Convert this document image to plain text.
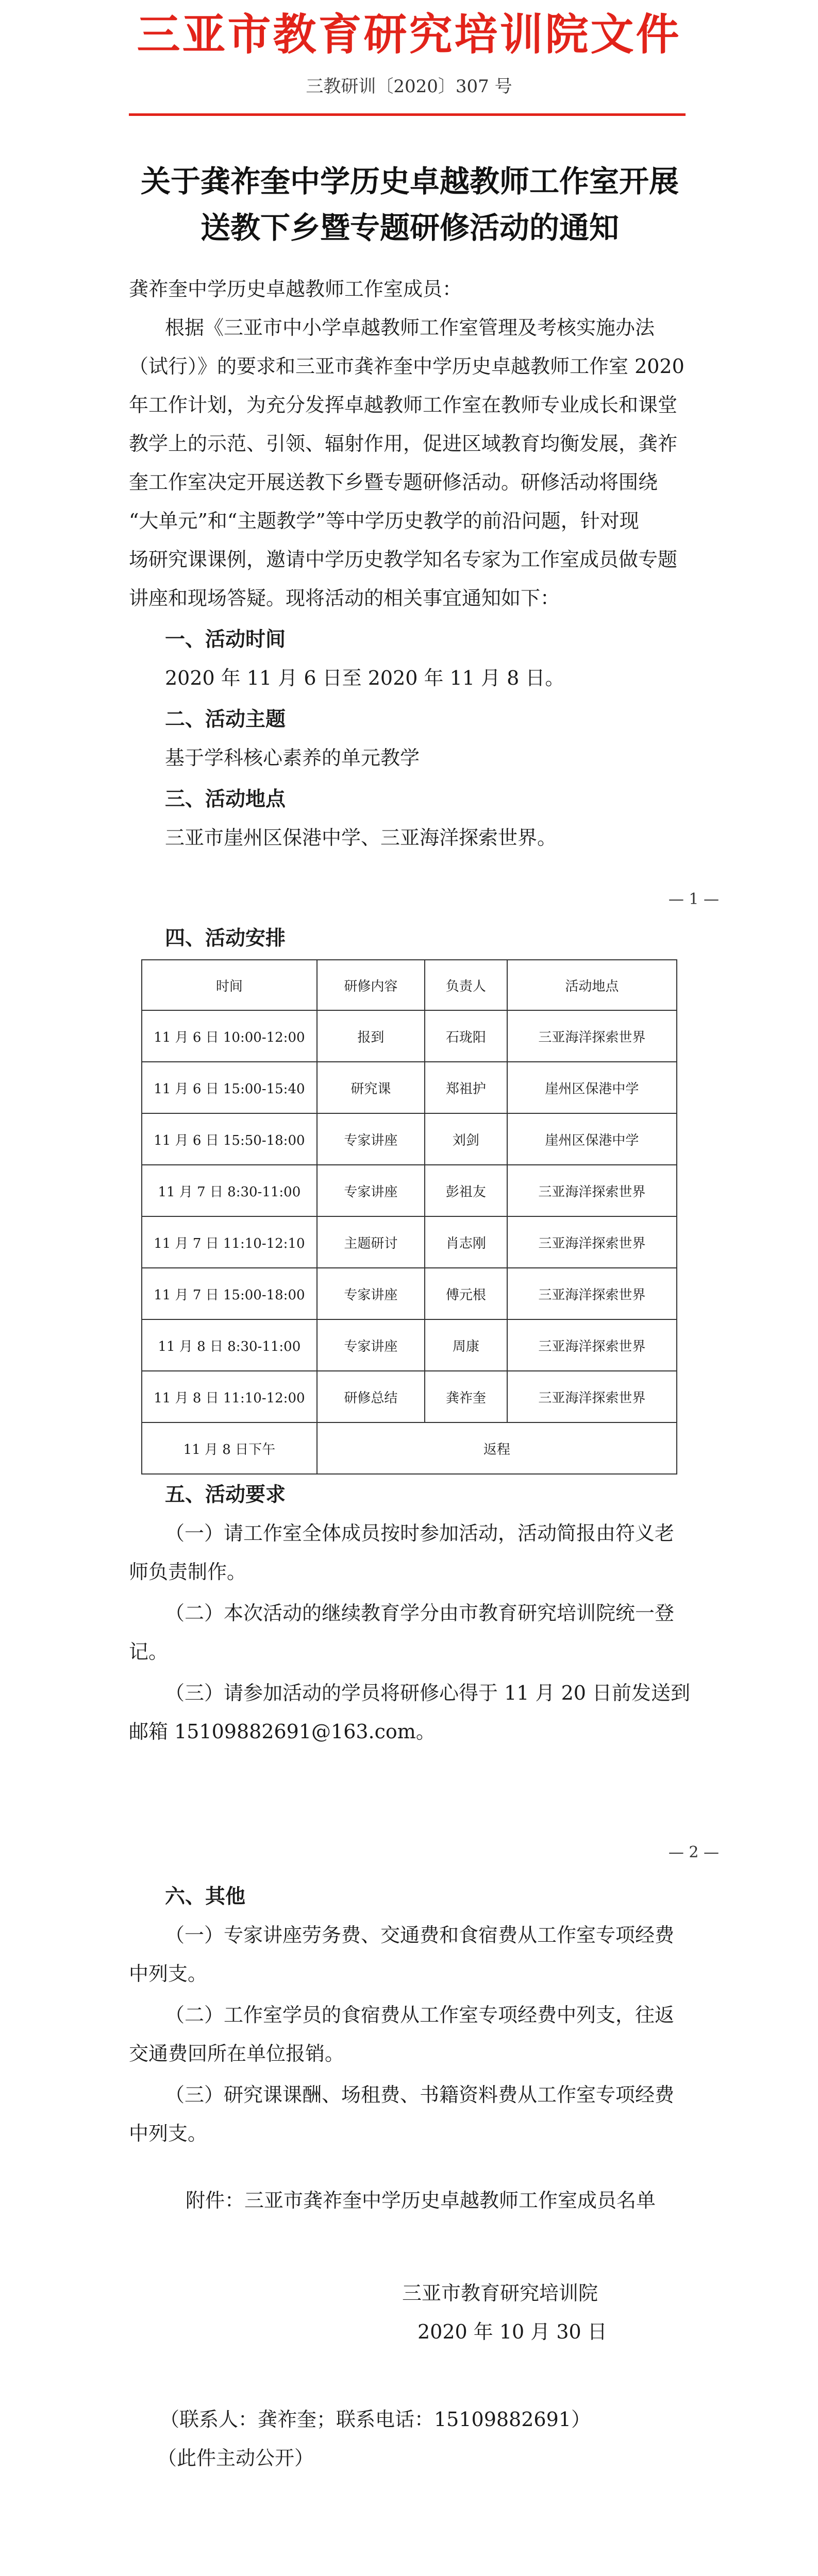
三亚市教育研究培训院文件
三教研训〔2020〕307 号
关于龚祚奎中学历史卓越教师工作室开展
送教下乡暨专题研修活动的通知
龚祚奎中学历史卓越教师工作室成员：
根据《三亚市中小学卓越教师工作室管理及考核实施办法
（试行）》的要求和三亚市龚祚奎中学历史卓越教师工作室 2020
年工作计划，为充分发挥卓越教师工作室在教师专业成长和课堂
教学上的示范、引领、辐射作用，促进区域教育均衡发展，龚祚
奎工作室决定开展送教下乡暨专题研修活动。研修活动将围绕
“大单元”和“主题教学”等中学历史教学的前沿问题，针对现
场研究课课例，邀请中学历史教学知名专家为工作室成员做专题
讲座和现场答疑。现将活动的相关事宜通知如下：
一、活动时间
2020 年 11 月 6 日至 2020 年 11 月 8 日。
二、活动主题
基于学科核心素养的单元教学
三、活动地点
三亚市崖州区保港中学、三亚海洋探索世界。
— 1 —
四、活动安排
时间	研修内容	负责人	活动地点
11 月 6 日 10:00-12:00	报到	石珑阳	三亚海洋探索世界
11 月 6 日 15:00-15:40	研究课	郑祖护	崖州区保港中学
11 月 6 日 15:50-18:00	专家讲座	刘剑	崖州区保港中学
11 月 7 日 8:30-11:00	专家讲座	彭祖友	三亚海洋探索世界
11 月 7 日 11:10-12:10	主题研讨	肖志刚	三亚海洋探索世界
11 月 7 日 15:00-18:00	专家讲座	傅元根	三亚海洋探索世界
11 月 8 日 8:30-11:00	专家讲座	周康	三亚海洋探索世界
11 月 8 日 11:10-12:00	研修总结	龚祚奎	三亚海洋探索世界
11 月 8 日下午	返程		
五、活动要求
（一）请工作室全体成员按时参加活动，活动简报由符义老
师负责制作。
（二）本次活动的继续教育学分由市教育研究培训院统一登
记。
（三）请参加活动的学员将研修心得于 11 月 20 日前发送到
邮箱 15109882691@163.com。
— 2 —
六、其他
（一）专家讲座劳务费、交通费和食宿费从工作室专项经费
中列支。
（二）工作室学员的食宿费从工作室专项经费中列支，往返
交通费回所在单位报销。
（三）研究课课酬、场租费、书籍资料费从工作室专项经费
中列支。
附件：三亚市龚祚奎中学历史卓越教师工作室成员名单
三亚市教育研究培训院
2020 年 10 月 30 日
（联系人：龚祚奎；联系电话：15109882691）
（此件主动公开）
